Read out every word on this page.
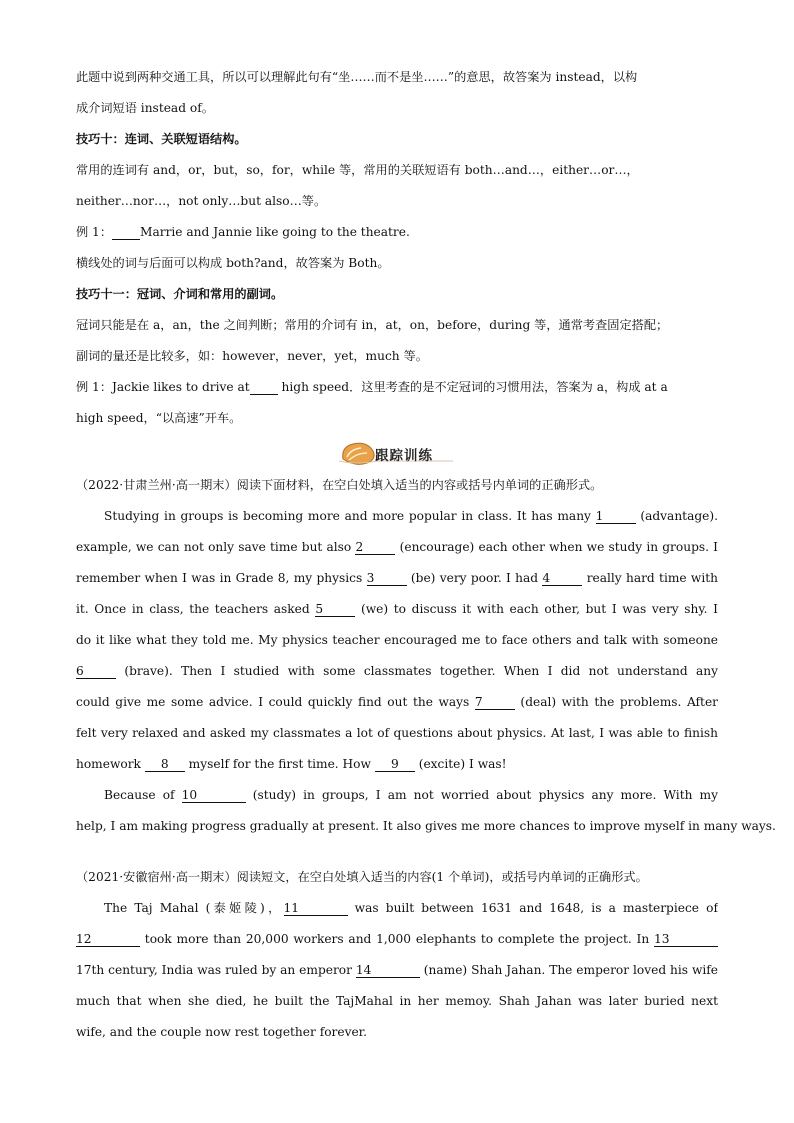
此题中说到两种交通工具，所以可以理解此句有“坐……而不是坐……”的意思，故答案为 instead，以构
成介词短语 instead of。
技巧十：连词、关联短语结构。
常用的连词有 and，or，but，so，for，while 等，常用的关联短语有 both…and…，either…or…，
neither…nor…，not only…but also…等。
例 1： Marrie and Jannie like going to the theatre.
横线处的词与后面可以构成 both?and，故答案为 Both。
技巧十一：冠词、介词和常用的副词。
冠词只能是在 a，an，the 之间判断；常用的介词有 in，at，on，before，during 等，通常考查固定搭配；
副词的量还是比较多，如：however，never，yet，much 等。
例 1：Jackie likes to drive at  high speed．这里考查的是不定冠词的习惯用法，答案为 a，构成 at a
high speed，“以高速”开车。
跟踪训练
（2022·甘肃兰州·高一期末）阅读下面材料，在空白处填入适当的内容或括号内单词的正确形式。
Studying in groups is becoming more and more popular in class. It has many 1	(advantage).
example, we can not only save time but also 2	(encourage) each other when we study in groups. I
remember when I was in Grade 8, my physics 3	(be) very poor. I had 4	really hard time with
it. Once in class, the teachers asked 5	(we) to discuss it with each other, but I was very shy. I
do it like what they told me. My physics teacher encouraged me to face others and talk with someone
6	(brave). Then I studied with some classmates together. When I did not understand any
could give me some advice. I could quickly find out the ways 7	(deal) with the problems. After
felt very relaxed and asked my classmates a lot of questions about physics. At last, I was able to finish
homework 8 myself for the first time. How 9 (excite) I was!
Because of 10	(study) in groups, I am not worried about physics any more. With my
help, I am making progress gradually at present. It also gives me more chances to improve myself in many ways.
（2021·安徽宿州·高一期末）阅读短文，在空白处填入适当的内容(1 个单词)，或括号内单词的正确形式。
The Taj Mahal (泰姬陵)，11	was built between 1631 and 1648, is a masterpiece of
12	took more than 20,000 workers and 1,000 elephants to complete the project. In 13
17th century, India was ruled by an emperor 14	(name) Shah Jahan. The emperor loved his wife
much that when she died, he built the TajMahal in her memoy. Shah Jahan was later buried next
wife, and the couple now rest together forever.
